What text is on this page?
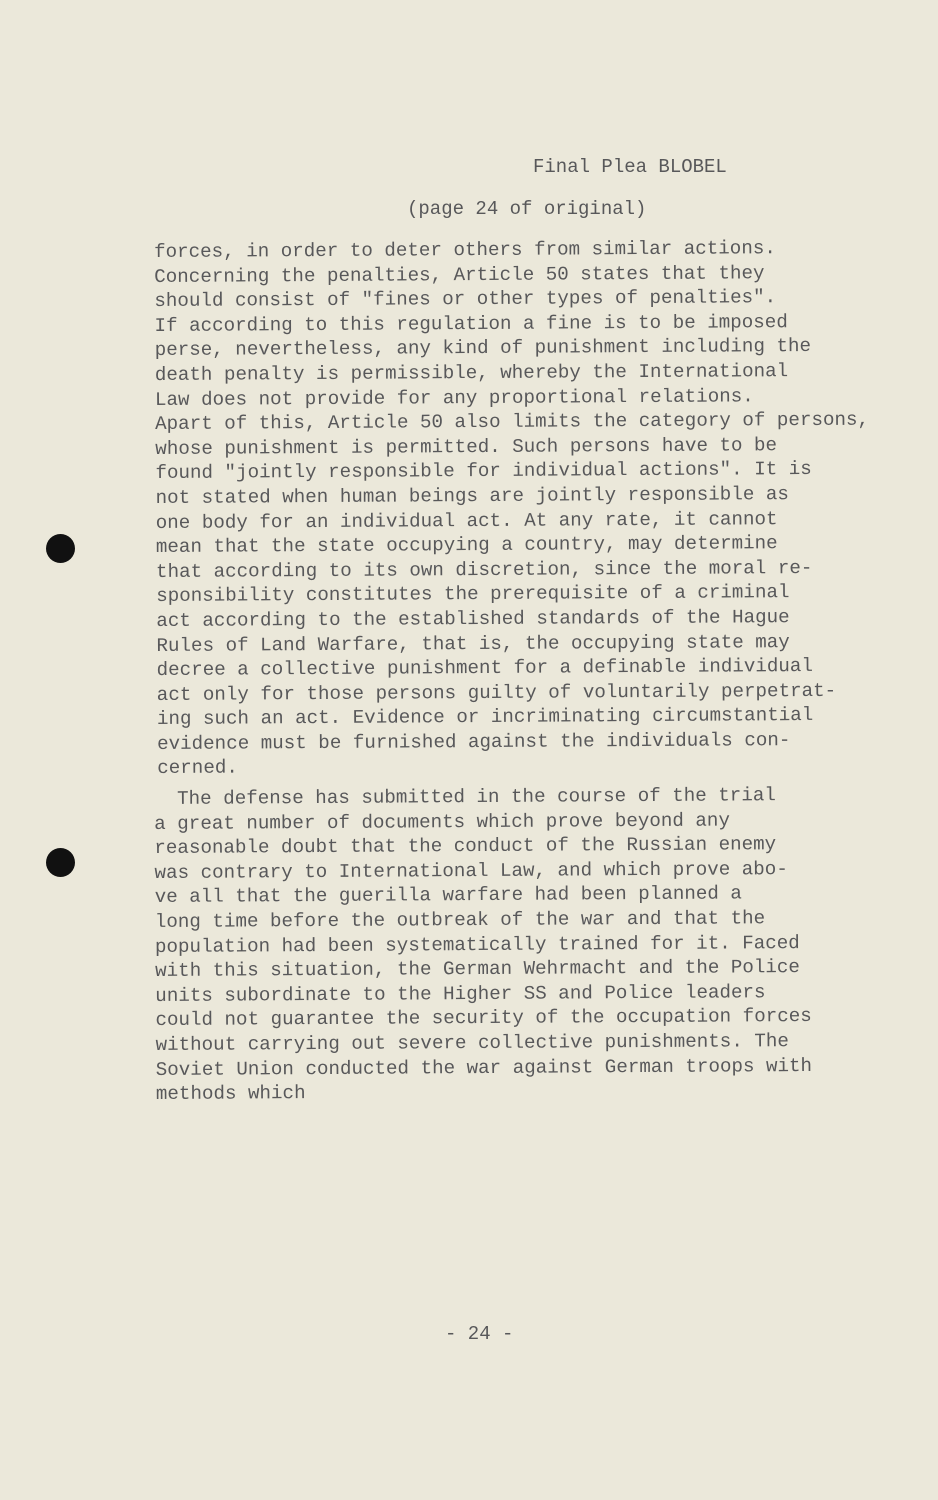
Final Plea BLOBEL
(page 24 of original)
forces, in order to deter others from similar actions.
Concerning the penalties, Article 50 states that they
should consist of "fines or other types of penalties".
If according to this regulation a fine is to be imposed
perse, nevertheless, any kind of punishment including the
death penalty is permissible, whereby the International
Law does not provide for any proportional relations.
Apart of this, Article 50 also limits the category of persons,
whose punishment is permitted. Such persons have to be
found "jointly responsible for individual actions". It is
not stated when human beings are jointly responsible as
one body for an individual act. At any rate, it cannot
mean that the state occupying a country, may determine
that according to its own discretion, since the moral re-
sponsibility constitutes the prerequisite of a criminal
act according to the established standards of the Hague
Rules of Land Warfare, that is, the occupying state may
decree a collective punishment for a definable individual
act only for those persons guilty of voluntarily perpetrat-
ing such an act. Evidence or incriminating circumstantial
evidence must be furnished against the individuals con-
cerned.
The defense has submitted in the course of the trial
a great number of documents which prove beyond any
reasonable doubt that the conduct of the Russian enemy
was contrary to International Law, and which prove abo-
ve all that the guerilla warfare had been planned a
long time before the outbreak of the war and that the
population had been systematically trained for it. Faced
with this situation, the German Wehrmacht and the Police
units subordinate to the Higher SS and Police leaders
could not guarantee the security of the occupation forces
without carrying out severe collective punishments. The
Soviet Union conducted the war against German troops with
methods which
- 24 -
